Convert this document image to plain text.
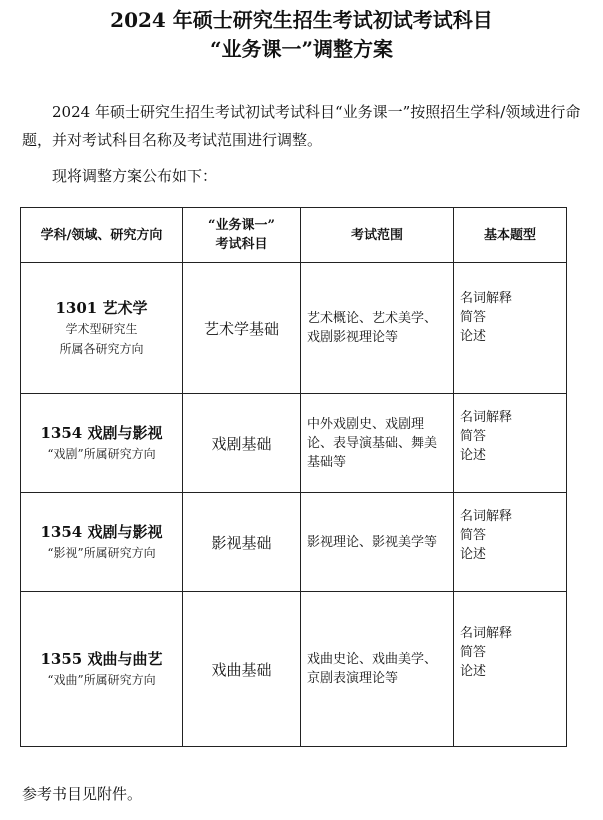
2024 年硕士研究生招生考试初试考试科目
“业务课一”调整方案
2024 年硕士研究生招生考试初试考试科目“业务课一”按照招生学科/领域进行命题，并对考试科目名称及考试范围进行调整。
现将调整方案公布如下：
学科/领域、研究方向	“业务课一”
考试科目	考试范围	基本题型

1301 艺术学
学术型研究生
所属各研究方向	艺术学基础	艺术概论、艺术美学、戏剧影视理论等	名词解释
简答
论述

1354 戏剧与影视
“戏剧”所属研究方向	戏剧基础	中外戏剧史、戏剧理论、表导演基础、舞美基础等	名词解释
简答
论述

1354 戏剧与影视
“影视”所属研究方向	影视基础	影视理论、影视美学等	名词解释
简答
论述

1355 戏曲与曲艺
“戏曲”所属研究方向	戏曲基础	戏曲史论、戏曲美学、京剧表演理论等	名词解释
简答
论述
参考书目见附件。
